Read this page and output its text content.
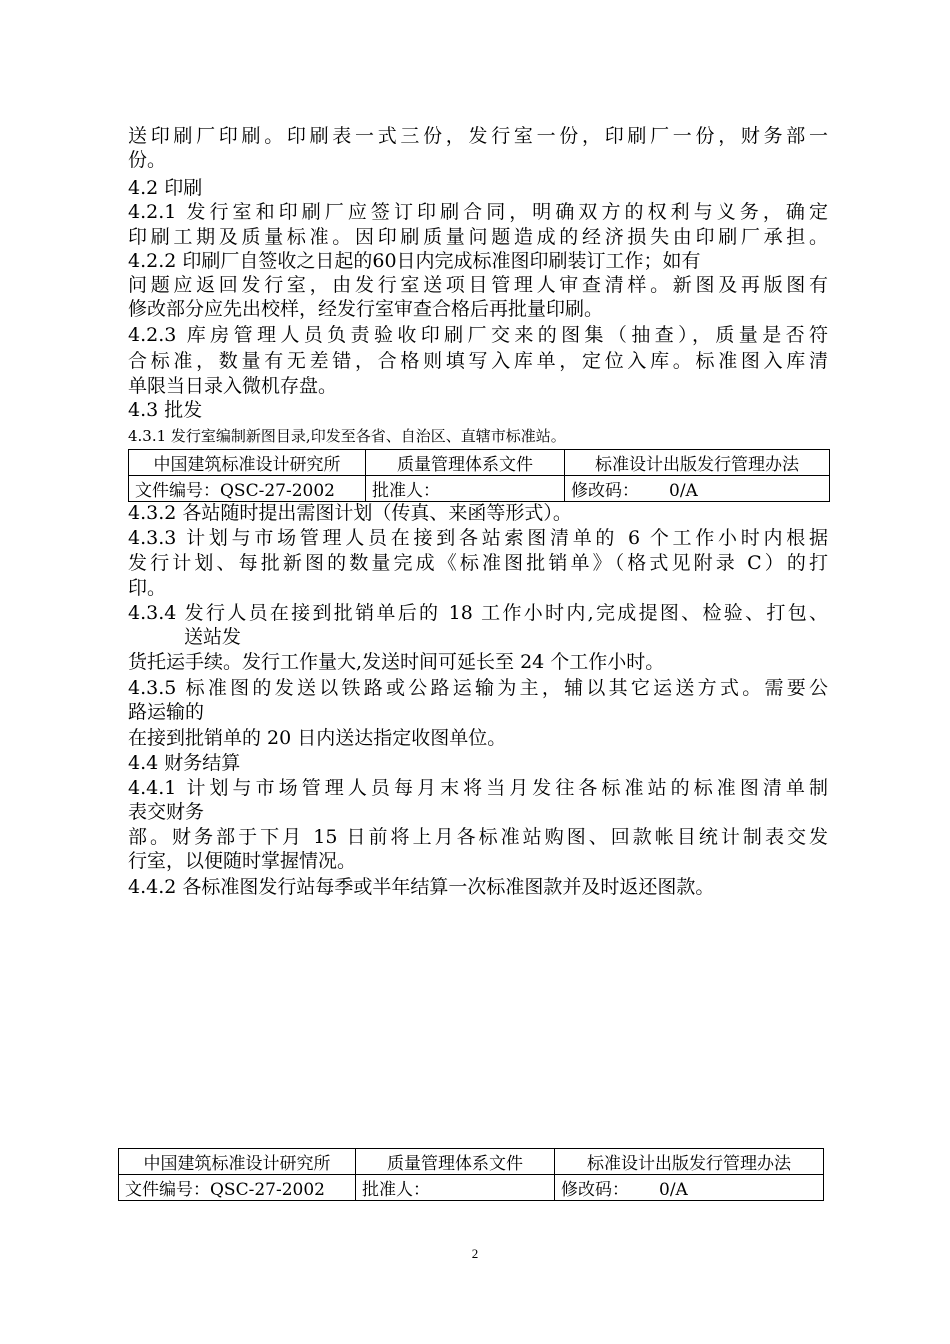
送印刷厂印刷。印刷表一式三份，发行室一份，印刷厂一份，财务部一
份。
4.2 印刷
4.2.1 发行室和印刷厂应签订印刷合同，明确双方的权利与义务，确定
印刷工期及质量标准。因印刷质量问题造成的经济损失由印刷厂承担。
4.2.2 印刷厂自签收之日起的60日内完成标准图印刷装订工作；如有
问题应返回发行室，由发行室送项目管理人审查清样。新图及再版图有
修改部分应先出校样，经发行室审查合格后再批量印刷。
4.2.3 库房管理人员负责验收印刷厂交来的图集（抽查），质量是否符
合标准，数量有无差错，合格则填写入库单，定位入库。标准图入库清
单限当日录入微机存盘。
4.3 批发
4.3.1 发行室编制新图目录,印发至各省、自治区、直辖市标准站。
中国建筑标准设计研究所	质量管理体系文件	标准设计出版发行管理办法
文件编号：QSC-27-2002	批准人：	修改码： 0/A
4.3.2 各站随时提出需图计划（传真、来函等形式）。
4.3.3 计划与市场管理人员在接到各站索图清单的 6 个工作小时内根据
发行计划、每批新图的数量完成《标准图批销单》（格式见附录 C）的打
印。
4.3.4 发行人员在接到批销单后的 18 工作小时内,完成提图、检验、打包、
送站发
货托运手续。发行工作量大,发送时间可延长至 24 个工作小时。
4.3.5 标准图的发送以铁路或公路运输为主，辅以其它运送方式。需要公
路运输的
在接到批销单的 20 日内送达指定收图单位。
4.4 财务结算
4.4.1 计划与市场管理人员每月末将当月发往各标准站的标准图清单制
表交财务
部。财务部于下月 15 日前将上月各标准站购图、回款帐目统计制表交发
行室，以便随时掌握情况。
4.4.2 各标准图发行站每季或半年结算一次标准图款并及时返还图款。
中国建筑标准设计研究所	质量管理体系文件	标准设计出版发行管理办法
文件编号：QSC-27-2002	批准人：	修改码： 0/A
2
